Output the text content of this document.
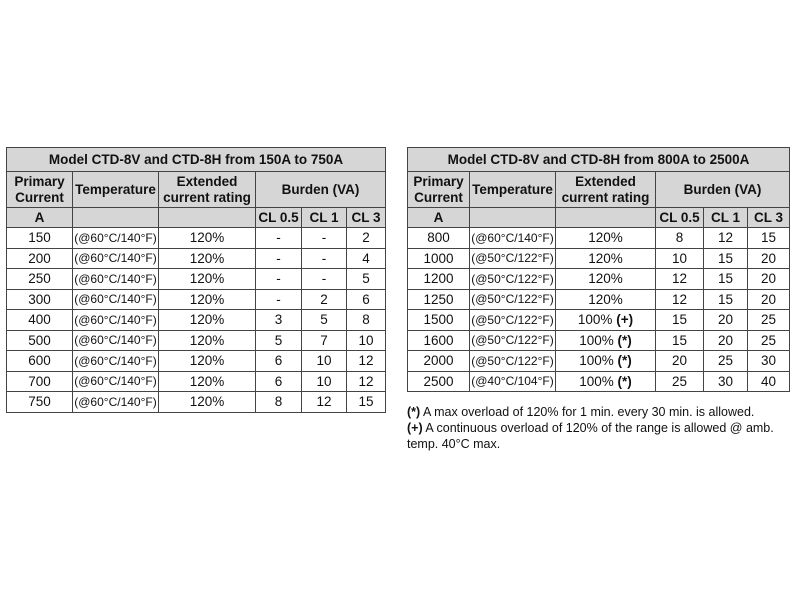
Model CTD-8V and CTD-8H from 150A to 750A					
Primary
Current	Temperature	Extended
current rating	Burden (VA)		
A			CL 0.5	CL 1	CL 3
150	(@60°C/140°F)	120%	-	-	2
200	(@60°C/140°F)	120%	-	-	4
250	(@60°C/140°F)	120%	-	-	5
300	(@60°C/140°F)	120%	-	2	6
400	(@60°C/140°F)	120%	3	5	8
500	(@60°C/140°F)	120%	5	7	10
600	(@60°C/140°F)	120%	6	10	12
700	(@60°C/140°F)	120%	6	10	12
750	(@60°C/140°F)	120%	8	12	15
Model CTD-8V and CTD-8H from 800A to 2500A					
Primary
Current	Temperature	Extended
current rating	Burden (VA)		
A			CL 0.5	CL 1	CL 3
800	(@60°C/140°F)	120%	8	12	15
1000	(@50°C/122°F)	120%	10	15	20
1200	(@50°C/122°F)	120%	12	15	20
1250	(@50°C/122°F)	120%	12	15	20
1500	(@50°C/122°F)	100% (+)	15	20	25
1600	(@50°C/122°F)	100% (*)	15	20	25
2000	(@50°C/122°F)	100% (*)	20	25	30
2500	(@40°C/104°F)	100% (*)	25	30	40
(*) A max overload of 120% for 1 min. every 30 min. is allowed.
(+) A continuous overload of 120% of the range is allowed @ amb. temp. 40°C max.
